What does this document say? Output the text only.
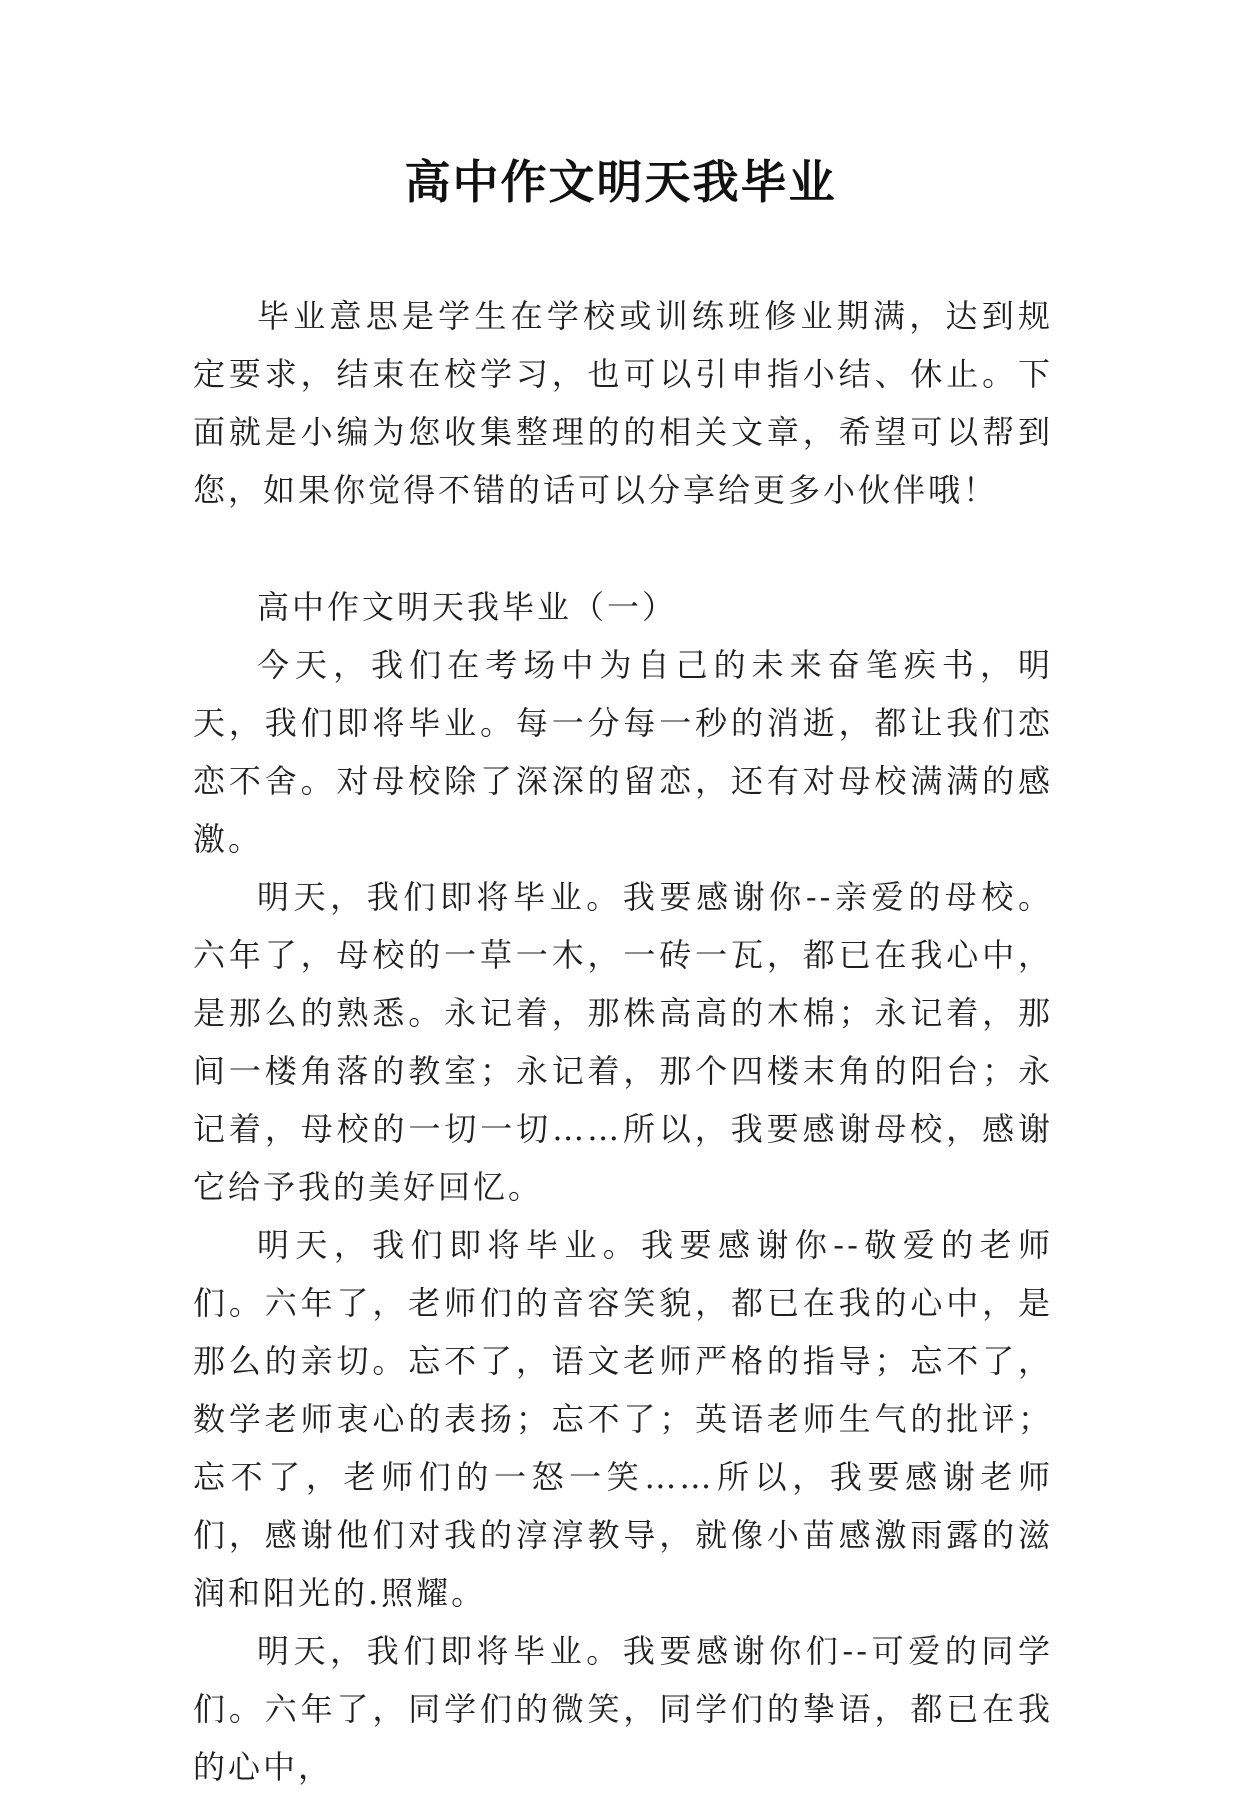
高中作文明天我毕业

毕业意思是学生在学校或训练班修业期满，达到规定要求，结束在校学习，也可以引申指小结、休止。下面就是小编为您收集整理的的相关文章，希望可以帮到您，如果你觉得不错的话可以分享给更多小伙伴哦！

高中作文明天我毕业（一）

今天，我们在考场中为自己的未来奋笔疾书，明天，我们即将毕业。每一分每一秒的消逝，都让我们恋恋不舍。对母校除了深深的留恋，还有对母校满满的感激。

明天，我们即将毕业。我要感谢你--亲爱的母校。六年了，母校的一草一木，一砖一瓦，都已在我心中，是那么的熟悉。永记着，那株高高的木棉；永记着，那间一楼角落的教室；永记着，那个四楼末角的阳台；永记着，母校的一切一切……所以，我要感谢母校，感谢它给予我的美好回忆。

明天，我们即将毕业。我要感谢你--敬爱的老师们。六年了，老师们的音容笑貌，都已在我的心中，是那么的亲切。忘不了，语文老师严格的指导；忘不了，数学老师衷心的表扬；忘不了；英语老师生气的批评；忘不了，老师们的一怒一笑……所以，我要感谢老师们，感谢他们对我的淳淳教导，就像小苗感激雨露的滋润和阳光的.照耀。

明天，我们即将毕业。我要感谢你们--可爱的同学们。六年了，同学们的微笑，同学们的挚语，都已在我的心中，
